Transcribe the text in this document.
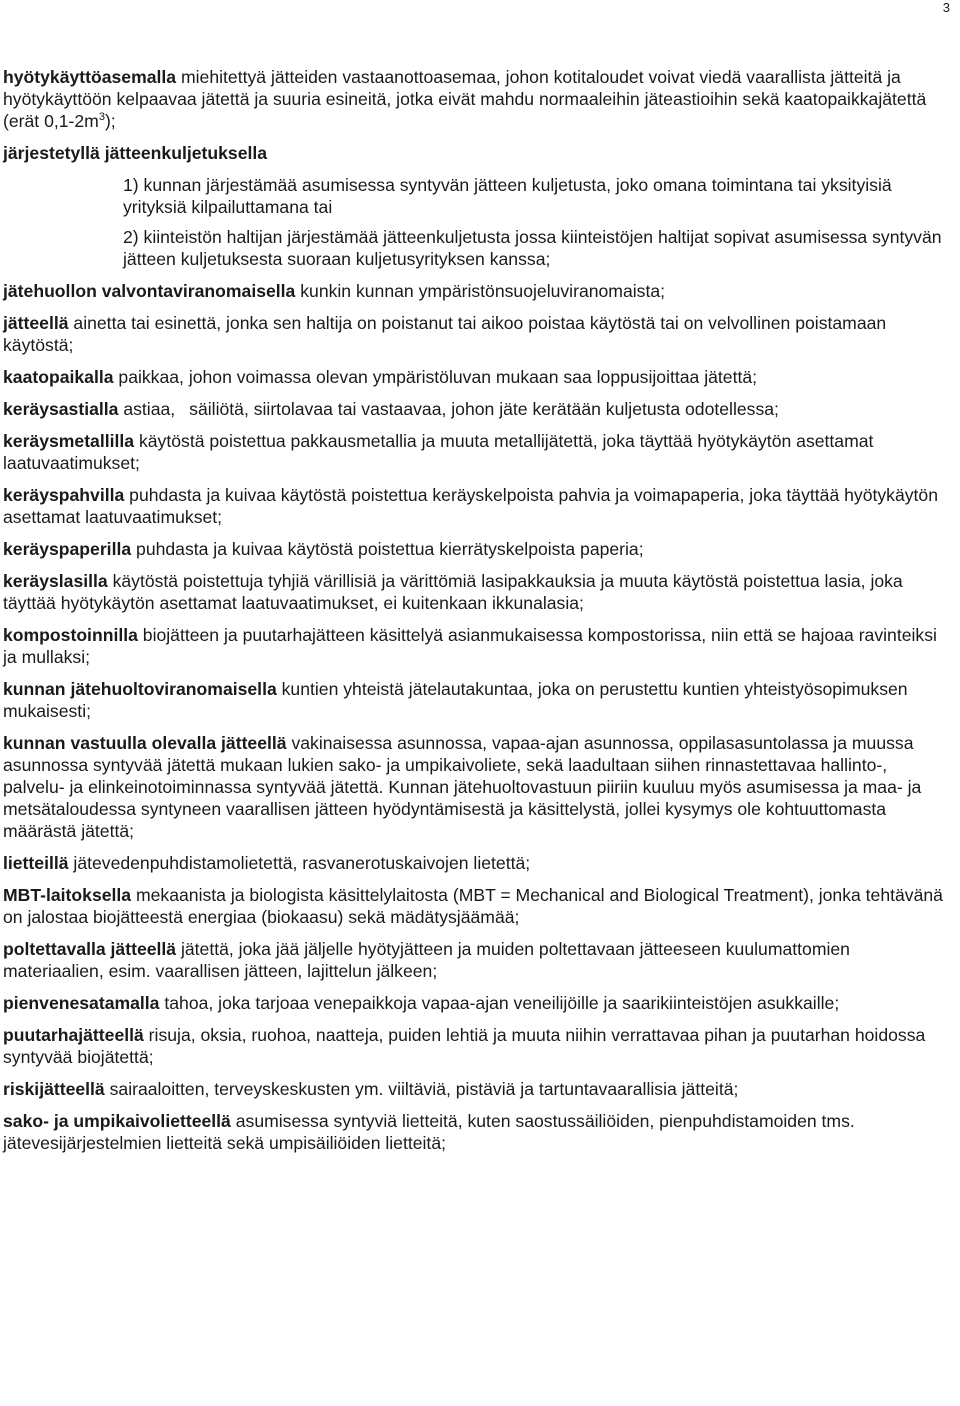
3

hyötykäyttöasemalla miehitettyä jätteiden vastaanottoasemaa, johon kotitaloudet voivat viedä vaarallista jätteitä ja hyötykäyttöön kelpaavaa jätettä ja suuria esineitä, jotka eivät mahdu normaaleihin jäteastioihin sekä kaatopaikkajätettä (erät $0,1-2m^3$);

järjestetyllä jätteenkuljetuksella

1) kunnan järjestämää asumisessa syntyvän jätteen kuljetusta, joko omana toimintana tai yksityisiä yrityksiä kilpailuttamana tai

2) kiinteistön haltijan järjestämää jätteenkuljetusta jossa kiinteistöjen haltijat sopivat asumisessa syntyvän jätteen kuljetuksesta suoraan kuljetusyrityksen kanssa;

jätehuollon valvontaviranomaisella kunkin kunnan ympäristönsuojeluviranomaista;

jätteellä ainetta tai esinettä, jonka sen haltija on poistanut tai aikoo poistaa käytöstä tai on velvollinen poistamaan käytöstä;

kaatopaikalla paikkaa, johon voimassa olevan ympäristöluvan mukaan saa loppusijoittaa jätettä;

keräysastialla astiaa, säiliötä, siirtolavaa tai vastaavaa, johon jäte kerätään kuljetusta odotellessa;

keräysmetallilla käytöstä poistettua pakkausmetallia ja muuta metallijätettä, joka täyttää hyötykäytön asettamat laatuvaatimukset;

keräyspahvilla puhdasta ja kuivaa käytöstä poistettua keräyskelpoista pahvia ja voimapaperia, joka täyttää hyötykäytön asettamat laatuvaatimukset;

keräyspaperilla puhdasta ja kuivaa käytöstä poistettua kierrätyskelpoista paperia;

keräyslasilla käytöstä poistettuja tyhjiä värillisiä ja värittömiä lasipakkauksia ja muuta käytöstä poistettua lasia, joka täyttää hyötykäytön asettamat laatuvaatimukset, ei kuitenkaan ikkunalasia;

kompostoinnilla biojätteen ja puutarhajätteen käsittelyä asianmukaisessa kompostorissa, niin että se hajoaa ravinteiksi ja mullaksi;

kunnan jätehuoltoviranomaisella kuntien yhteistä jätelautakuntaa, joka on perustettu kuntien yhteistyösopimuksen mukaisesti;

kunnan vastuulla olevalla jätteellä vakinaisessa asunnossa, vapaa-ajan asunnossa, oppilasasuntolassa ja muussa asunnossa syntyvää jätettä mukaan lukien sako- ja umpikaivoliete, sekä laadultaan siihen rinnastettavaa hallinto-, palvelu- ja elinkeinotoiminnassa syntyvää jätettä. Kunnan jätehuoltovastuun piiriin kuuluu myös asumisessa ja maa- ja metsätaloudessa syntyneen vaarallisen jätteen hyödyntämisestä ja käsittelystä, jollei kysymys ole kohtuuttomasta määrästä jätettä;

lietteillä jätevedenpuhdistamolietettä, rasvanerotuskaivojen lietettä;

MBT-laitoksella mekaanista ja biologista käsittelylaitosta (MBT = Mechanical and Biological Treatment), jonka tehtävänä on jalostaa biojätteestä energiaa (biokaasu) sekä mädätysjäämää;

poltettavalla jätteellä jätettä, joka jää jäljelle hyötyjätteen ja muiden poltettavaan jätteeseen kuulumattomien materiaalien, esim. vaarallisen jätteen, lajittelun jälkeen;

pienvenesatamalla tahoa, joka tarjoaa venepaikkoja vapaa-ajan veneilijöille ja saarikiinteistöjen asukkaille;

puutarhajätteellä risuja, oksia, ruohoa, naatteja, puiden lehtiä ja muuta niihin verrattavaa pihan ja puutarhan hoidossa syntyvää biojätettä;

riskijätteellä sairaaloitten, terveyskeskusten ym. viiltäviä, pistäviä ja tartuntavaarallisia jätteitä;

sako- ja umpikaivolietteellä asumisessa syntyviä lietteitä, kuten saostussäiliöiden, pienpuhdistamoiden tms. jätevesijärjestelmien lietteitä sekä umpisäiliöiden lietteitä;
